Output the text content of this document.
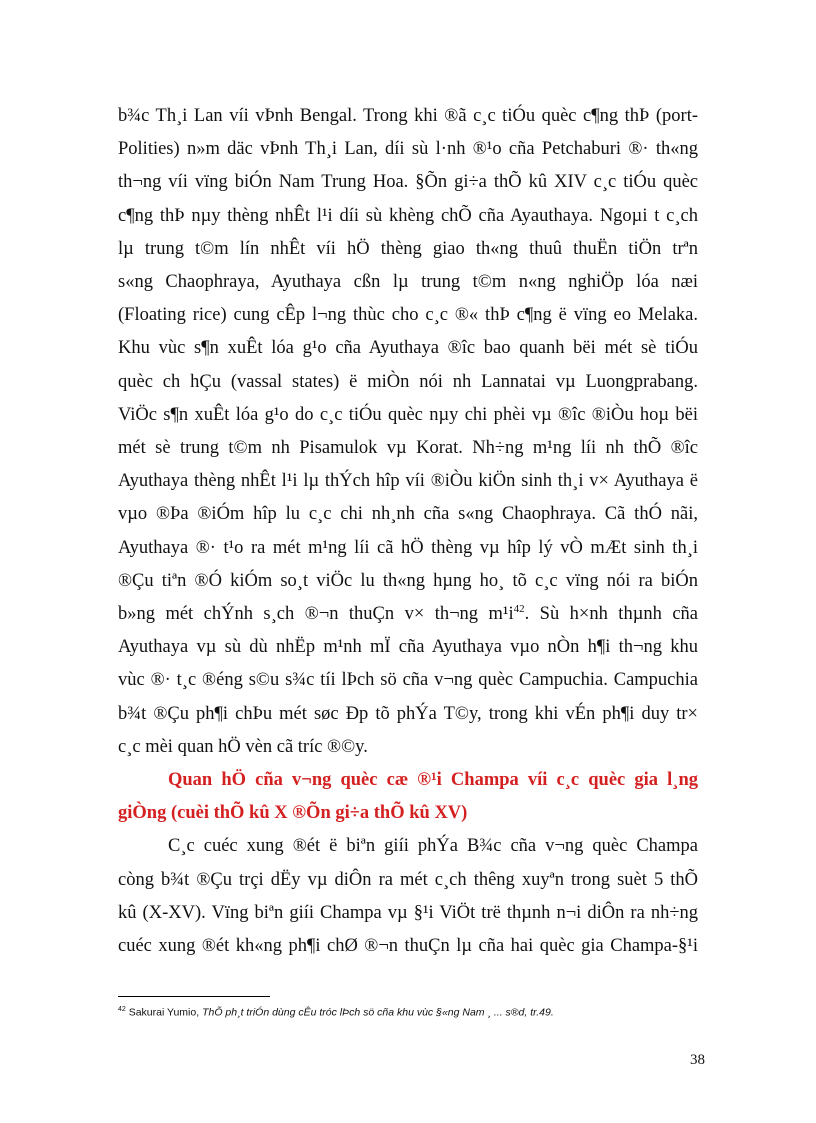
b¾c Th¸i Lan víi vÞnh Bengal. Trong khi ®ã c¸c tiÓu quèc c¶ng thÞ (port-
Polities) n»m däc vÞnh Th¸i Lan, díi sù l·nh ®¹o cña Petchaburi ®· th«ng
th¬ng víi vïng biÓn Nam Trung Hoa. §Õn gi÷a thÕ kû XIV c¸c tiÓu quèc
c¶ng thÞ nµy thèng nhÊt l¹i díi sù khèng chÕ cña Ayauthaya. Ngoµi t c¸ch
lµ trung t©m lín nhÊt víi hÖ thèng giao th«ng thuû thuËn tiÖn trªn
s«ng Chaophraya, Ayuthaya cßn lµ trung t©m n«ng nghiÖp lóa næi
(Floating rice) cung cÊp l¬ng thùc cho c¸c ®« thÞ c¶ng ë vïng eo Melaka.
Khu vùc s¶n xuÊt lóa g¹o cña Ayuthaya ®îc bao quanh bëi mét sè tiÓu
quèc ch hÇu (vassal states) ë miÒn nói nh Lannatai vµ Luongprabang.
ViÖc s¶n xuÊt lóa g¹o do c¸c tiÓu quèc nµy chi phèi vµ ®îc ®iÒu hoµ bëi
mét sè trung t©m nh Pisamulok vµ Korat. Nh÷ng m¹ng líi nh thÕ ®îc
Ayuthaya thèng nhÊt l¹i lµ thÝch hîp víi ®iÒu kiÖn sinh th¸i v× Ayuthaya ë
vµo ®Þa ®iÓm hîp lu c¸c chi nh¸nh cña s«ng Chaophraya. Cã thÓ nãi,
Ayuthaya ®· t¹o ra mét m¹ng líi cã hÖ thèng vµ hîp lý vÒ mÆt sinh th¸i
®Çu tiªn ®Ó kiÓm so¸t viÖc lu th«ng hµng ho¸ tõ c¸c vïng nói ra biÓn
Ayuthaya vµ sù dù nhËp m¹nh mÏ cña Ayuthaya vµo nÒn h¶i th¬ng khu
vùc ®· t¸c ®éng s©u s¾c tíi lÞch sö cña v¬ng quèc Campuchia. Campuchia
b¾t ®Çu ph¶i chÞu mét søc Ðp tõ phÝa T©y, trong khi vÉn ph¶i duy tr×
còng b¾t ®Çu trçi dËy vµ diÔn ra mét c¸ch thêng xuyªn trong suèt 5 thÕ
kû (X-XV). Vïng biªn giíi Champa vµ §¹i ViÖt trë thµnh n¬i diÔn ra nh÷ng
cuéc xung ®ét kh«ng ph¶i chØ ®¬n thuÇn lµ cña hai quèc gia Champa-§¹i
b»ng mét chÝnh s¸ch ®¬n thuÇn v× th¬ng $m^1i^{42}$. Sù h×nh thµnh cña
c¸c mèi quan hÖ vèn cã tríc ®©y.
Quan hÖ cña v¬ng quèc cæ ®¹i Champa víi c¸c quèc gia l¸ng
giÒng (cuèi thÕ kû X ®Õn gi÷a thÕ kû XV)
C¸c cuéc xung ®ét ë biªn giíi phÝa B¾c cña v¬ng quèc Champa
$^{42}$ Sakurai Yumio, ThÕ ph¸t triÓn dùng cÊu tróc lÞch sö cña khu vùc §«ng Nam ¸ ... s®d, tr.49.
38
